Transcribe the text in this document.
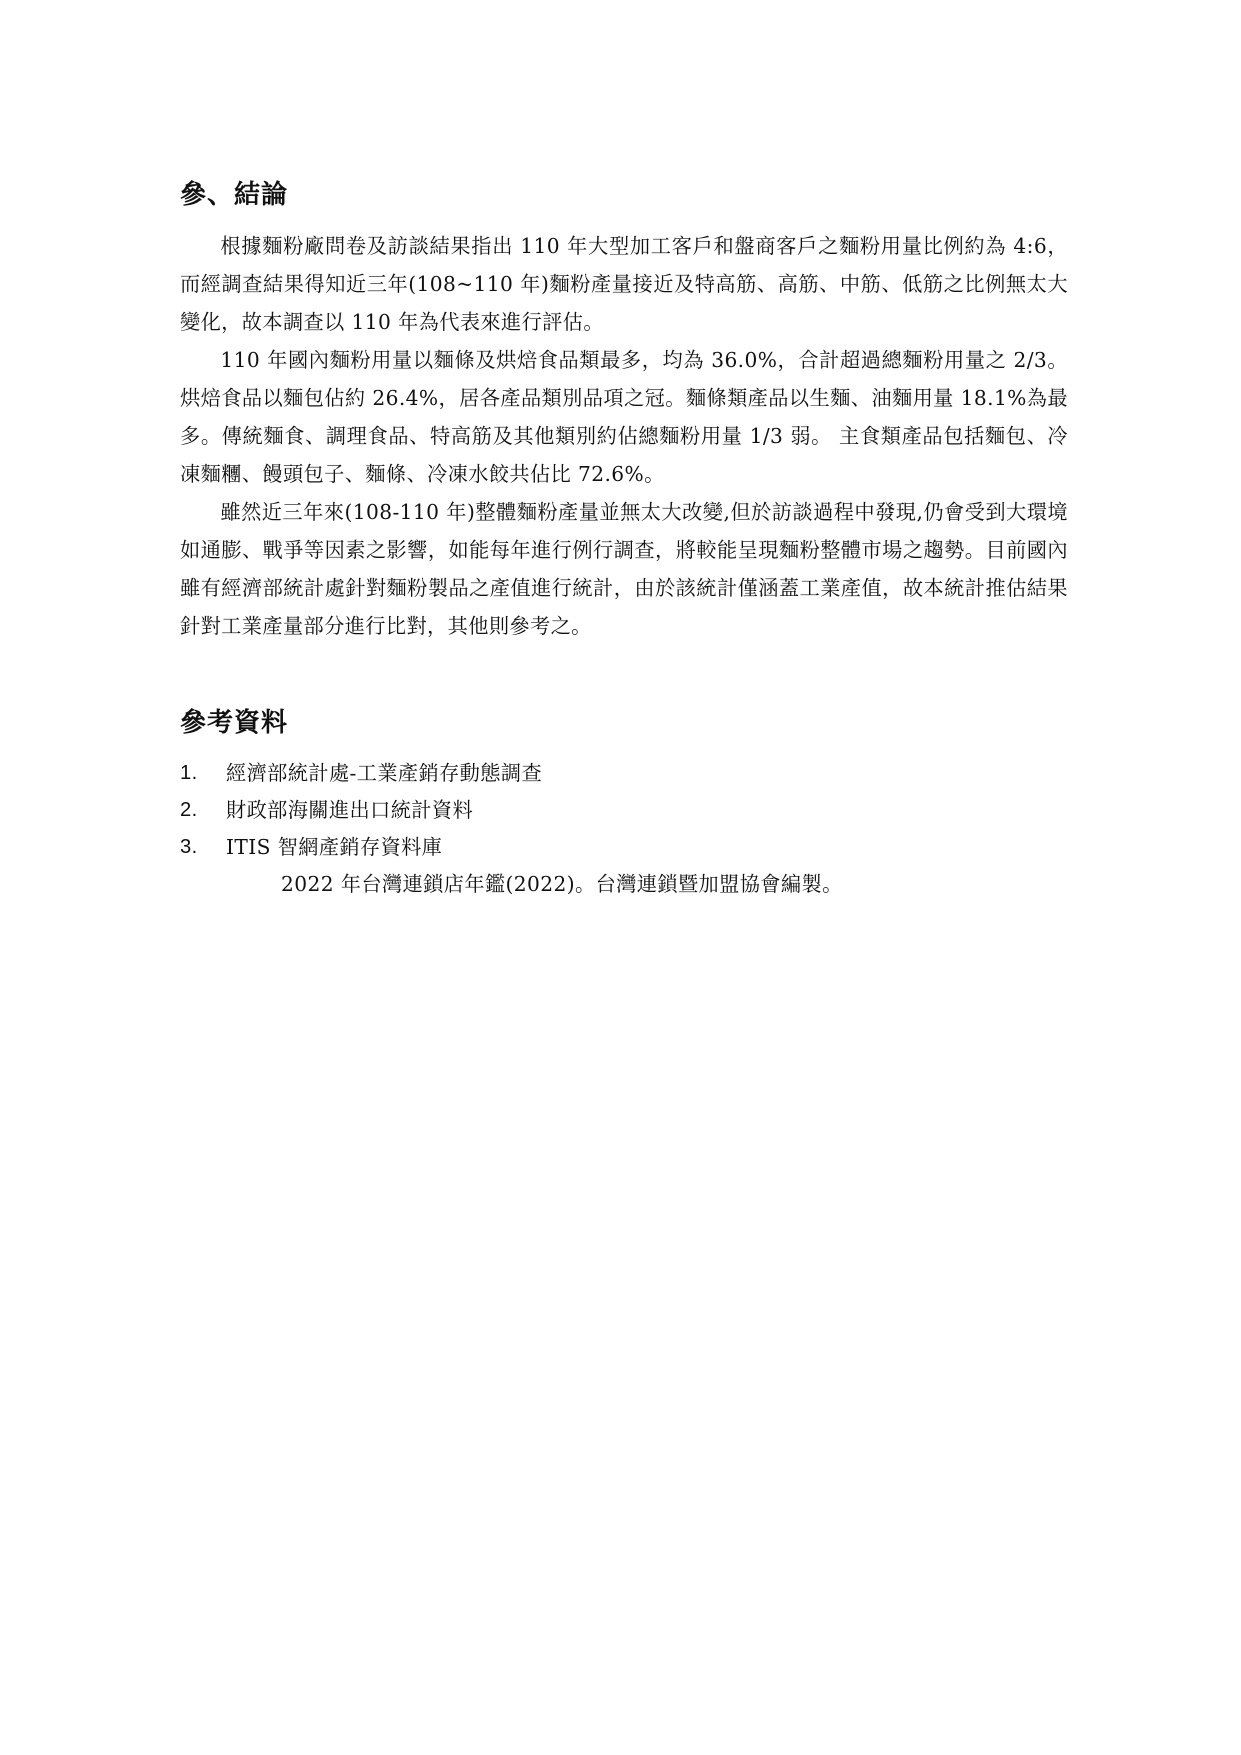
參、結論

根據麵粉廠問卷及訪談結果指出 110 年大型加工客戶和盤商客戶之麵粉用量比例約為 4:6，而經調查結果得知近三年(108~110 年)麵粉產量接近及特高筋、高筋、中筋、低筋之比例無太大變化，故本調查以 110 年為代表來進行評估。

110 年國內麵粉用量以麵條及烘焙食品類最多，均為 36.0%，合計超過總麵粉用量之 2/3。烘焙食品以麵包佔約 26.4%，居各產品類別品項之冠。麵條類產品以生麵、油麵用量 18.1%為最多。傳統麵食、調理食品、特高筋及其他類別約佔總麵粉用量 1/3 弱。 主食類產品包括麵包、冷凍麵糰、饅頭包子、麵條、冷凍水餃共佔比 72.6%。

雖然近三年來(108-110 年)整體麵粉產量並無太大改變,但於訪談過程中發現,仍會受到大環境如通膨、戰爭等因素之影響，如能每年進行例行調查，將較能呈現麵粉整體市場之趨勢。目前國內雖有經濟部統計處針對麵粉製品之產值進行統計，由於該統計僅涵蓋工業產值，故本統計推估結果針對工業產量部分進行比對，其他則參考之。

參考資料
1.	經濟部統計處-工業產銷存動態調查
2.	財政部海關進出口統計資料
3.	ITIS 智網產銷存資料庫
2022 年台灣連鎖店年鑑(2022)。台灣連鎖暨加盟協會編製。
